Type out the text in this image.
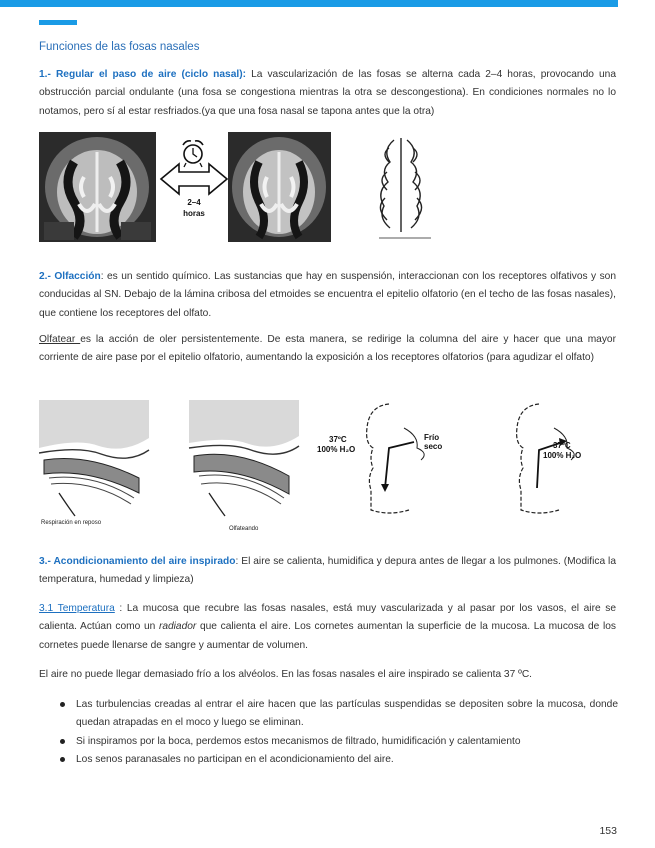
Funciones de las fosas nasales

1.- Regular el paso de aire (ciclo nasal): La vascularización de las fosas se alterna cada 2–4 horas, provocando una obstrucción parcial ondulante (una fosa se congestiona mientras la otra se descongestiona). En condiciones normales no lo notamos, pero sí al estar resfriados.(ya que una fosa nasal se tapona antes que la otra)

2–4
horas

2.- Olfacción: es un sentido químico. Las sustancias que hay en suspensión, interaccionan con los receptores olfativos y son conducidas al SN. Debajo de la lámina cribosa del etmoides se encuentra el epitelio olfatorio (en el techo de las fosas nasales), que contiene los receptores del olfato.

Olfatear es la acción de oler persistentemente. De esta manera, se redirige la columna del aire y hacer que una mayor corriente de aire pase por el epitelio olfatorio, aumentando la exposición a los receptores olfatorios (para agudizar el olfato)

Respiración en reposo
Olfateando
37ºC
100% H₂O
Frío
seco	37ºC
100% H₂O

3.- Acondicionamiento del aire inspirado: El aire se calienta, humidifica y depura antes de llegar a los pulmones. (Modifica la temperatura, humedad y limpieza)

3.1 Temperatura : La mucosa que recubre las fosas nasales, está muy vascularizada y al pasar por los vasos, el aire se calienta. Actúan como un radiador que calienta el aire. Los cornetes aumentan la superficie de la mucosa. La mucosa de los cornetes puede llenarse de sangre y aumentar de volumen.

El aire no puede llegar demasiado frío a los alvéolos. En las fosas nasales el aire inspirado se calienta 37 ºC.

Las turbulencias creadas al entrar el aire hacen que las partículas suspendidas se depositen sobre la mucosa, donde quedan atrapadas en el moco y luego se eliminan.
Si inspiramos por la boca, perdemos estos mecanismos de filtrado, humidificación y calentamiento
Los senos paranasales no participan en el acondicionamiento del aire.
153
